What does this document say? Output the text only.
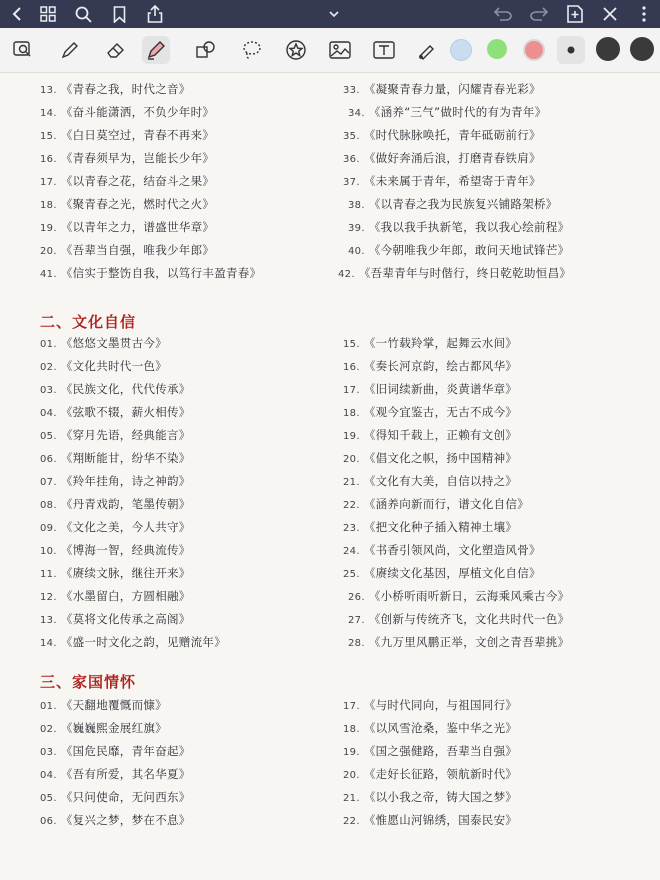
13. 《青春之我，时代之音》
14. 《奋斗能潇洒，不负少年时》
15. 《白日莫空过，青春不再来》
16. 《青春须早为，岂能长少年》
17. 《以青春之花，结奋斗之果》
18. 《聚青春之光，燃时代之火》
19. 《以青年之力，谱盛世华章》
20. 《吾辈当自强，唯我少年郎》
41. 《信实于整饬自我，以笃行丰盈青春》
33. 《凝聚青春力量，闪耀青春光彩》
34. 《涵养“三气”做时代的有为青年》
35. 《时代脉脉唤托，青年砥砺前行》
36. 《做好奔涌后浪，打磨青春铁肩》
37. 《未来属于青年，希望寄于青年》
38. 《以青春之我为民族复兴铺路架桥》
39. 《我以我手执新笔，我以我心绘前程》
40. 《今朝唯我少年郎，敢问天地试锋芒》
42. 《吾辈青年与时偕行，终日乾乾助恒昌》
二、文化自信
01. 《悠悠文墨贯古今》
02. 《文化共时代一色》
03. 《民族文化，代代传承》
04. 《弦歌不辍，薪火相传》
05. 《穿月先语，经典能言》
06. 《翔断能甘，纷华不染》
07. 《羚年挂角，诗之神韵》
08. 《丹青戏韵，笔墨传朝》
09. 《文化之美，今人共守》
10. 《博海一智，经典流传》
11. 《赓续文脉，继往开来》
12. 《水墨留白，方圆相融》
13. 《莫将文化传承之高阁》
14. 《盛一时文化之韵，见赠流年》
15. 《一竹载羚掌，起舞云水间》
16. 《奏长河京韵，绘古都风华》
17. 《旧词续新曲，炎黄谱华章》
18. 《观今宜鉴古，无古不成今》
19. 《得知千载上，正赖有文创》
20. 《倡文化之帜，扬中国精神》
21. 《文化有大美，自信以持之》
22. 《涵养向新而行，谱文化自信》
23. 《把文化种子插入精神土壤》
24. 《书香引领风尚，文化塑造风骨》
25. 《赓续文化基因，厚植文化自信》
26. 《小桥听雨听新日，云海乘风乘古今》
27. 《创新与传统齐飞，文化共时代一色》
28. 《九万里风鹏正举，文创之青吾辈挑》
三、家国情怀
01. 《天翻地覆慨而慷》
02. 《巍巍熙金展红旗》
03. 《国危民靡，青年奋起》
04. 《吾有所爱，其名华夏》
05. 《只问使命，无问西东》
06. 《复兴之梦，梦在不息》
17. 《与时代同向，与祖国同行》
18. 《以风雪沧桑，鉴中华之光》
19. 《国之强健路，吾辈当自强》
20. 《走好长征路，领航新时代》
21. 《以小我之帝，铸大国之梦》
22. 《惟愿山河锦绣，国泰民安》
